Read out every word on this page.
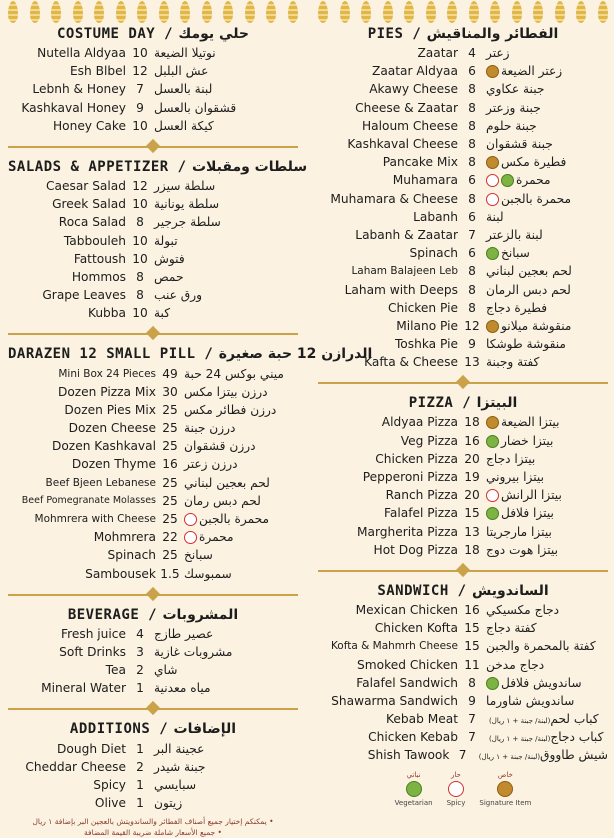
COSTUME DAY / حلي يومك
Nutella Aldyaa 10 نوتيلا الضيعة
Esh Blbel 12 عش البلبل
Lebnh & Honey 7 لبنة بالعسل
Kashkaval Honey 9 قشقوان بالعسل
Honey Cake 10 كيكة العسل
SALADS & APPETIZER / سلطات ومقبلات
Caesar Salad 12 سلطة سيزر
Greek Salad 10 سلطة يونانية
Roca Salad 8 سلطة جرجير
Tabbouleh 10 تبولة
Fattoush 10 فتوش
Hommos 8 حمص
Grape Leaves 8 ورق عنب
Kubba 10 كبة
DARAZEN 12 SMALL PILL / الدرازن 12 حبة صغيرة
Mini Box 24 Pieces 49 ميني بوكس 24 حبة
Dozen Pizza Mix 30 درزن بيتزا مكس
Dozen Pies Mix 25 درزن فطائر مكس
Dozen Cheese 25 درزن جبنة
Dozen Kashkaval 25 درزن قشقوان
Dozen Thyme 16 درزن زعتر
Beef Bjeen Lebanese 25 لحم بعجين لبناني
Beef Pomegranate Molasses 25 لحم دبس رمان
Mohmrera with Cheese 25	محمرة بالجبن
Mohmrera 22	محمرة
Spinach 25 سبانخ
Sambousek 1.5 سمبوسك
BEVERAGE / المشروبات
Fresh juice 4 عصير طازج
Soft Drinks 3 مشروبات غازية
Tea 2 شاي
Mineral Water 1 مياه معدنية
ADDITIONS / الإضافات
Dough Diet 1 عجينة البر
Cheddar Cheese 2 جبنة شيدر
Spicy 1 سبايسي
Olive 1 زيتون
• يمكنكم إختيار جميع أصناف الفطائر والساندويتش بالعجين البر بإضافة ١ ريال
• جميع الأسعار شاملة ضريبة القيمة المضافة
PIES / الفطائر والمناقيش
Zaatar 4 زعتر
Zaatar Aldyaa 6	زعتر الضيعة
Akawy Cheese 8 جبنة عكاوي
Cheese & Zaatar 8 جبنة وزعتر
Haloum Cheese 8 جبنة حلوم
Kashkaval Cheese 8 جبنة قشقوان
Pancake Mix 8	فطيرة مكس
Muhamara 6	محمرة
Muhamara & Cheese 8	محمرة بالجبن
Labanh 6 لبنة
Labanh & Zaatar 7 لبنة بالزعتر
Spinach 6	سبانخ
Laham Balajeen Leb 8 لحم بعجين لبناني
Laham with Deeps 8 لحم دبس الرمان
Chicken Pie 8 فطيرة دجاج
Milano Pie 12	منقوشة ميلانو
Toshka Pie 9 منقوشة طوشكا
Kafta & Cheese 13 كفتة وجبنة
PIZZA / البيتزا
Aldyaa Pizza 18	بيتزا الضيعة
Veg Pizza 16	بيتزا خضار
Chicken Pizza 20 بيتزا دجاج
Pepperoni Pizza 19 بيتزا بيروني
Ranch Pizza 20	بيتزا الرانش
Falafel Pizza 15	بيتزا فلافل
Margherita Pizza 13 بيتزا مارجريتا
Hot Dog Pizza 18 بيتزا هوت دوج
SANDWICH / الساندويش
Mexican Chicken 16 دجاج مكسيكي
Chicken Kofta 15 كفتة دجاج
Kofta & Mahmrh Cheese 15 كفتة بالمحمرة والجبن
Smoked Chicken 11 دجاج مدخن
Falafel Sandwich 8	ساندويش فلافل
Shawarma Sandwich 9 ساندويش شاورما
Kebab Meat 7	كباب لحم(لبنة/ جبنة + ١ ريال)
Chicken Kebab 7	كباب دجاج(لبنة/ جبنة + ١ ريال)
Shish Tawook 7	شيش طاووق(لبنة/ جبنة + ١ ريال)
نباتي
Vegetarian
حار
Spicy
خاص
Signature Item
